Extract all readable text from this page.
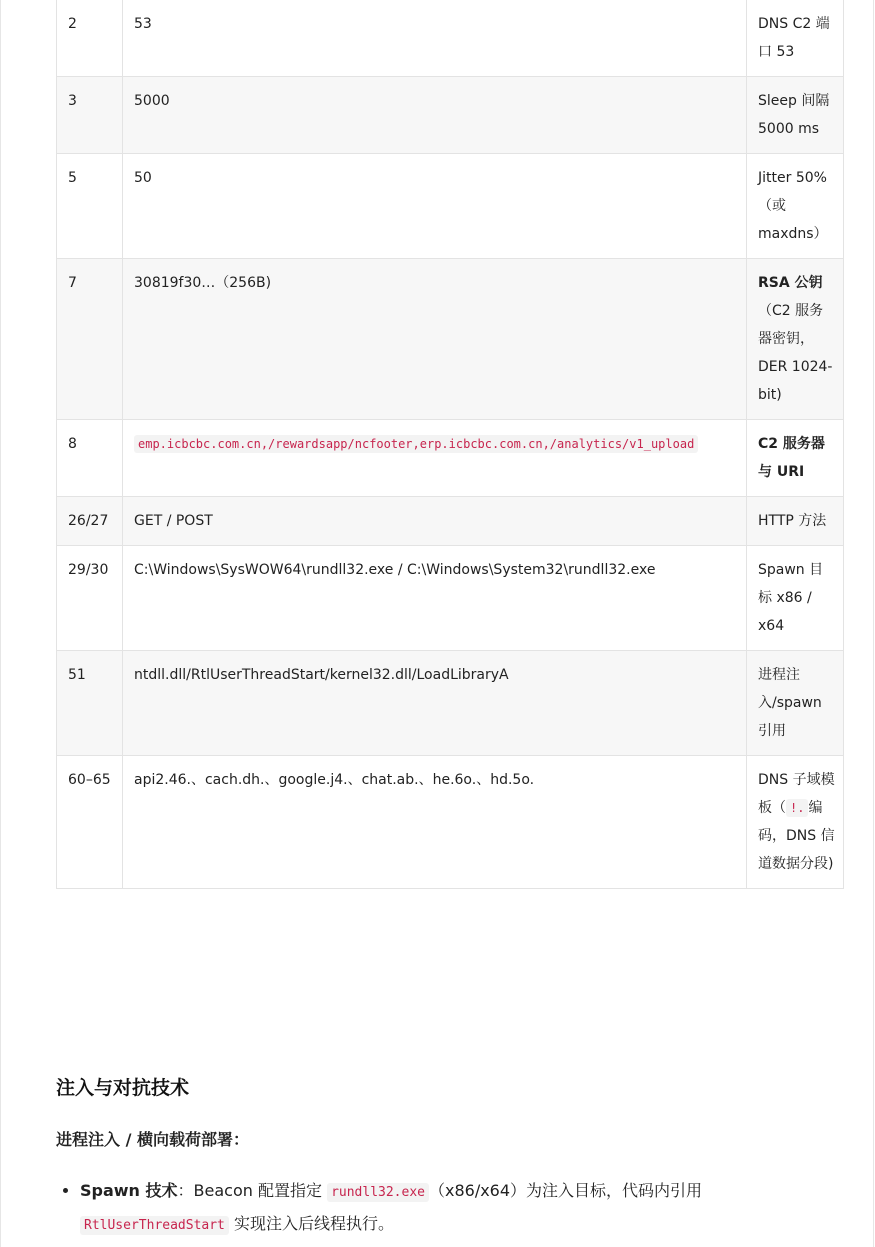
2	53	DNS C2 端口 53
3	5000	Sleep 间隔 5000 ms
5	50	Jitter 50%（或 maxdns）
7	30819f30…（256B)	RSA 公钥（C2 服务器密钥，DER 1024-bit)
8	emp.icbcbc.com.cn,/rewardsapp/ncfooter,erp.icbcbc.com.cn,/analytics/v1_upload	C2 服务器与 URI
26/27	GET / POST	HTTP 方法
29/30	C:\Windows\SysWOW64\rundll32.exe / C:\Windows\System32\rundll32.exe	Spawn 目标 x86 / x64
51	ntdll.dll/RtlUserThreadStart/kernel32.dll/LoadLibraryA	进程注入/spawn 引用
60–65	api2.46.、cach.dh.、google.j4.、chat.ab.、he.6o.、hd.5o.	DNS 子域模板（ !. 编码，DNS 信道数据分段)
注入与对抗技术

进程注入 / 横向载荷部署：

• Spawn 技术：Beacon 配置指定 rundll32.exe （x86/x64）为注入目标，代码内引用 RtlUserThreadStart 实现注入后线程执行。
